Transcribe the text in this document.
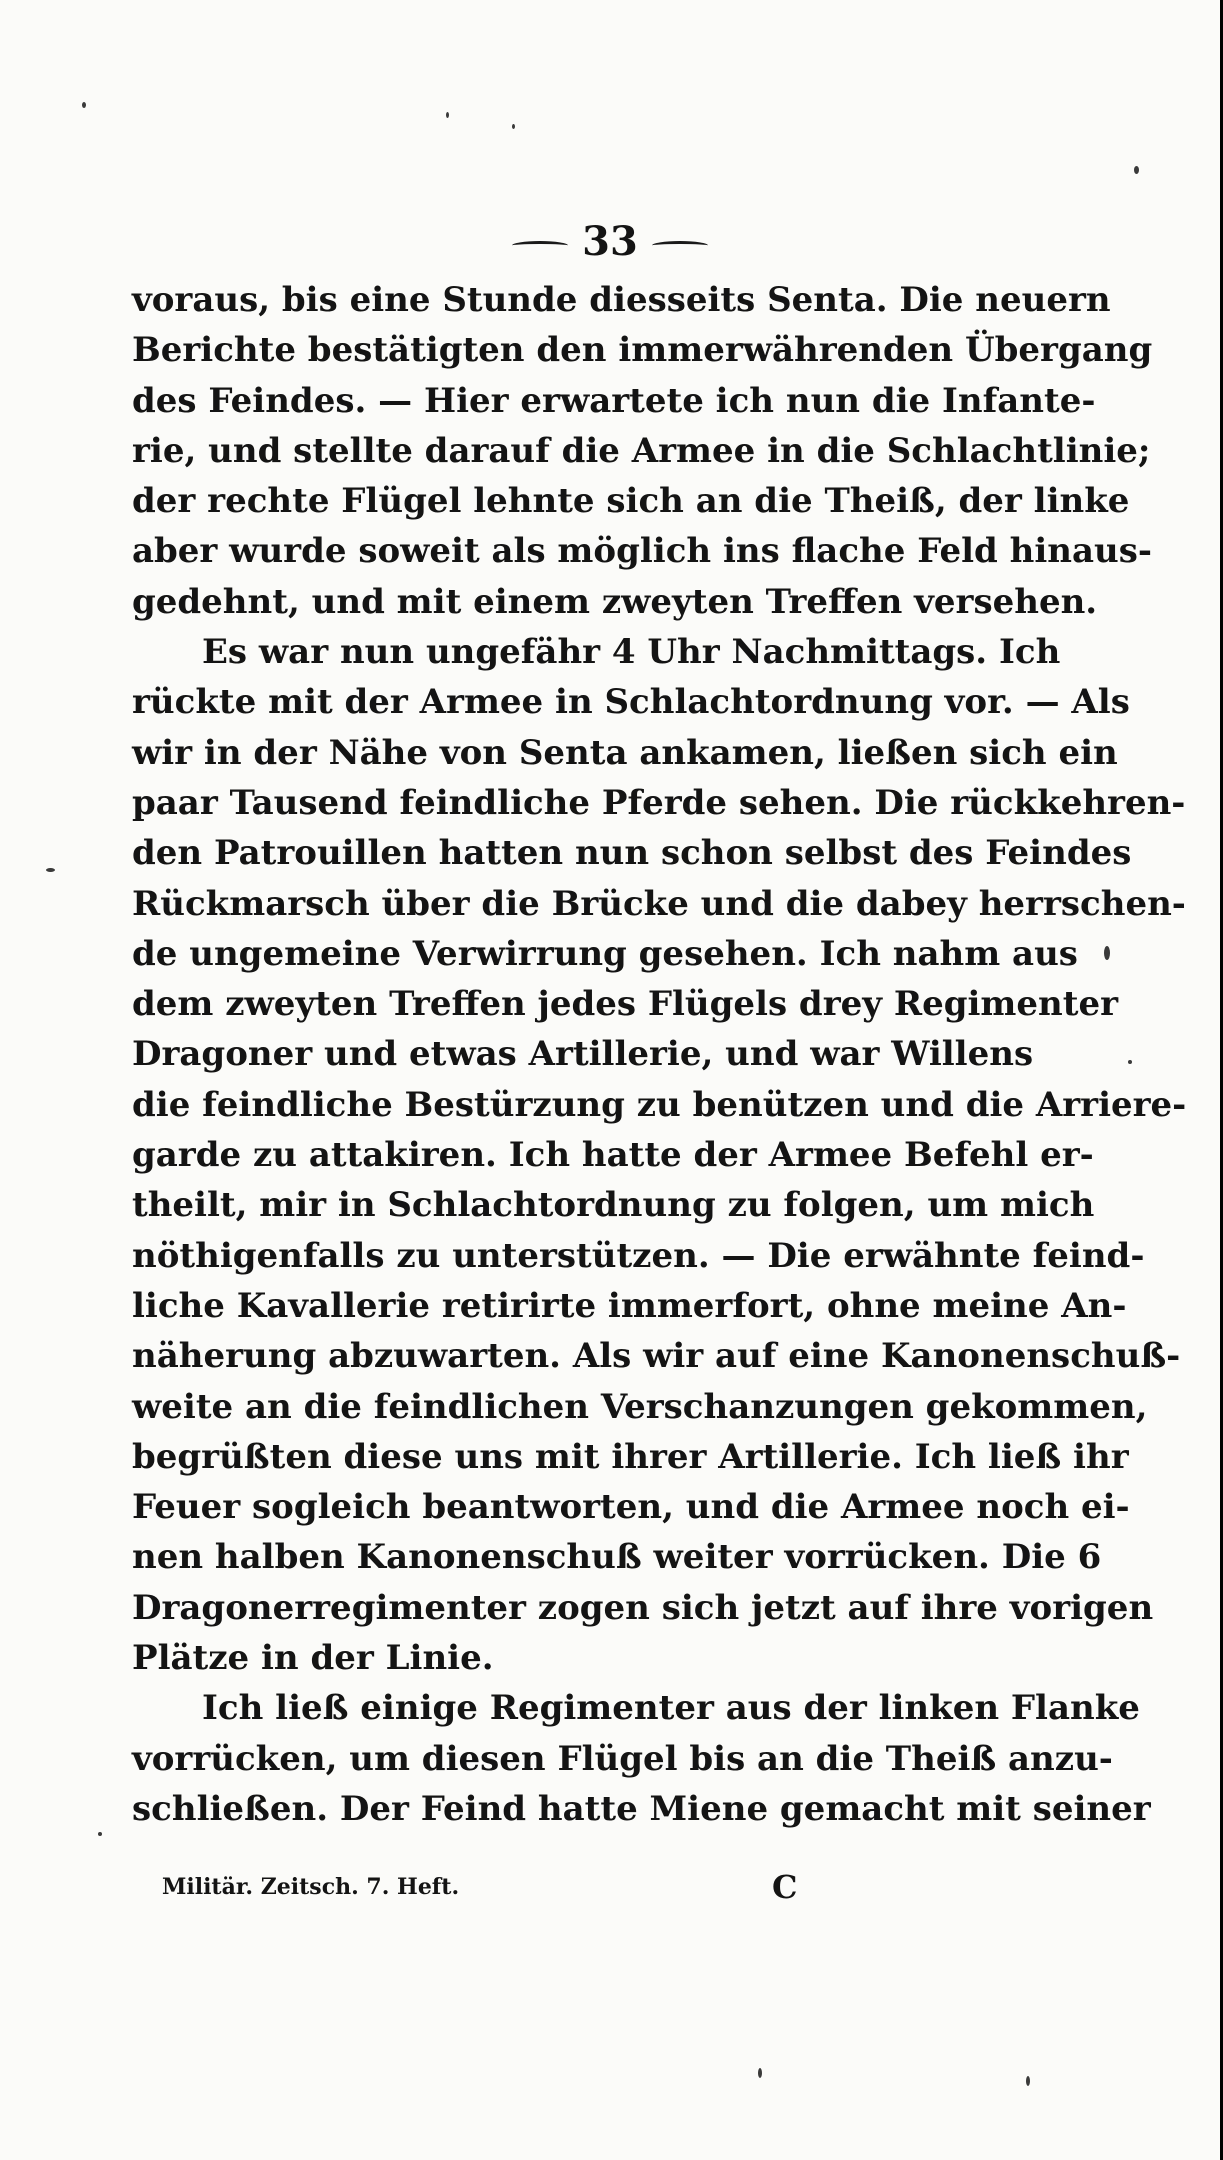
33
voraus, bis eine Stunde diesseits Senta. Die neuern
Berichte bestätigten den immerwährenden Übergang
des Feindes. — Hier erwartete ich nun die Infante-
rie, und stellte darauf die Armee in die Schlachtlinie;
der rechte Flügel lehnte sich an die Theiß, der linke
aber wurde soweit als möglich ins flache Feld hinaus-
gedehnt, und mit einem zweyten Treffen versehen.
Es war nun ungefähr 4 Uhr Nachmittags. Ich
rückte mit der Armee in Schlachtordnung vor. — Als
wir in der Nähe von Senta ankamen, ließen sich ein
paar Tausend feindliche Pferde sehen. Die rückkehren-
den Patrouillen hatten nun schon selbst des Feindes
Rückmarsch über die Brücke und die dabey herrschen-
de ungemeine Verwirrung gesehen. Ich nahm aus
dem zweyten Treffen jedes Flügels drey Regimenter
Dragoner und etwas Artillerie, und war Willens
die feindliche Bestürzung zu benützen und die Arriere-
garde zu attakiren. Ich hatte der Armee Befehl er-
theilt, mir in Schlachtordnung zu folgen, um mich
nöthigenfalls zu unterstützen. — Die erwähnte feind-
liche Kavallerie retirirte immerfort, ohne meine An-
näherung abzuwarten. Als wir auf eine Kanonenschuß-
weite an die feindlichen Verschanzungen gekommen,
begrüßten diese uns mit ihrer Artillerie. Ich ließ ihr
Feuer sogleich beantworten, und die Armee noch ei-
nen halben Kanonenschuß weiter vorrücken. Die 6
Dragonerregimenter zogen sich jetzt auf ihre vorigen
Plätze in der Linie.
Ich ließ einige Regimenter aus der linken Flanke
vorrücken, um diesen Flügel bis an die Theiß anzu-
schließen. Der Feind hatte Miene gemacht mit seiner
Militär. Zeitsch. 7. Heft.	C
